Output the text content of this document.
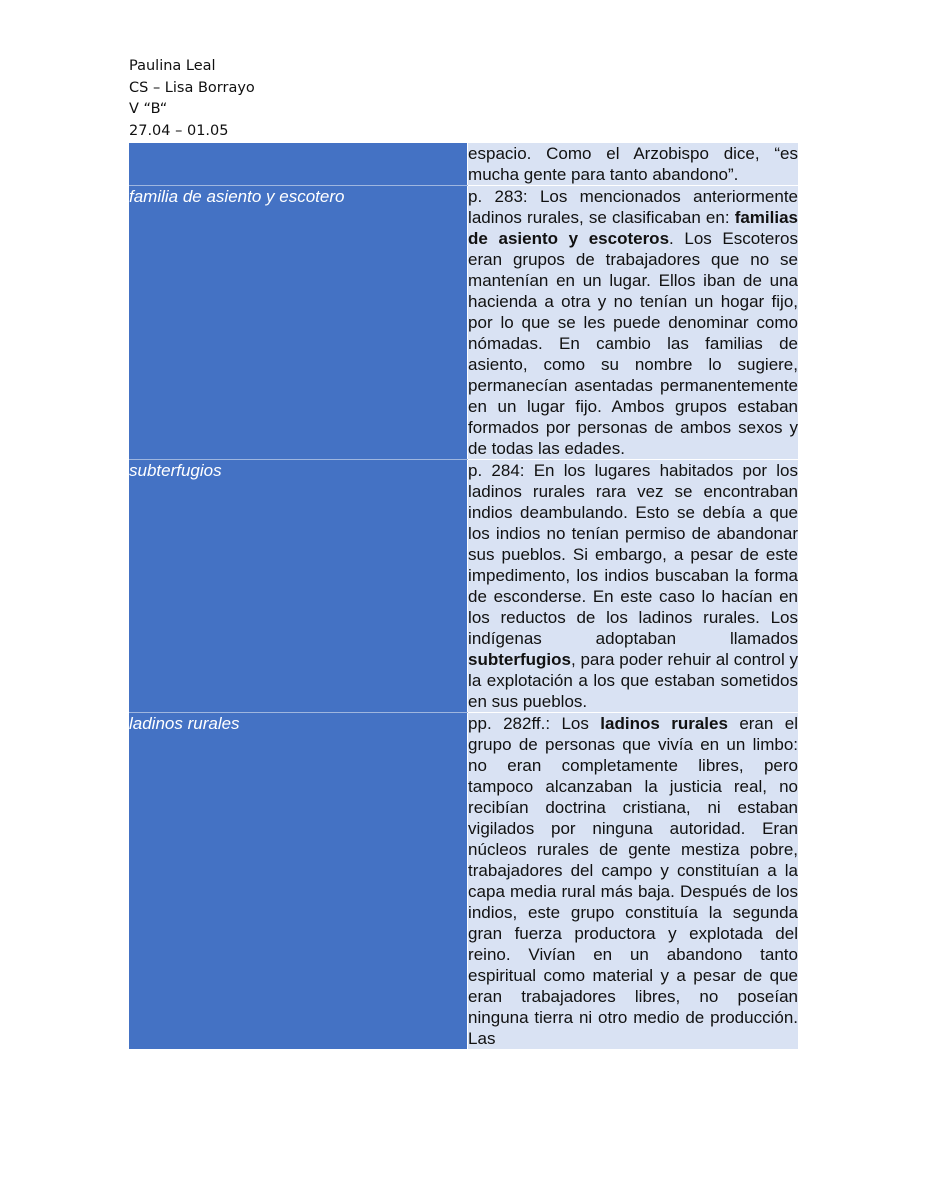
Paulina Leal
CS – Lisa Borrayo
V “B“
27.04 – 01.05
	espacio. Como el Arzobispo dice, “es mucha gente para tanto abandono”.
familia de asiento y escotero	p. 283: Los mencionados anteriormente ladinos rurales, se clasificaban en: familias de asiento y escoteros. Los Escoteros eran grupos de trabajadores que no se mantenían en un lugar. Ellos iban de una hacienda a otra y no tenían un hogar fijo, por lo que se les puede denominar como nómadas. En cambio las familias de asiento, como su nombre lo sugiere, permanecían asentadas permanentemente en un lugar fijo. Ambos grupos estaban formados por personas de ambos sexos y de todas las edades.
subterfugios	p. 284: En los lugares habitados por los ladinos rurales rara vez se encontraban indios deambulando. Esto se debía a que los indios no tenían permiso de abandonar sus pueblos. Si embargo, a pesar de este impedimento, los indios buscaban la forma de esconderse. En este caso lo hacían en los reductos de los ladinos rurales. Los indígenas adoptaban llamados subterfugios, para poder rehuir al control y la explotación a los que estaban sometidos en sus pueblos.
ladinos rurales	pp. 282ff.: Los ladinos rurales eran el grupo de personas que vivía en un limbo: no eran completamente libres, pero tampoco alcanzaban la justicia real, no recibían doctrina cristiana, ni estaban vigilados por ninguna autoridad. Eran núcleos rurales de gente mestiza pobre, trabajadores del campo y constituían a la capa media rural más baja. Después de los indios, este grupo constituía la segunda gran fuerza productora y explotada del reino. Vivían en un abandono tanto espiritual como material y a pesar de que eran trabajadores libres, no poseían ninguna tierra ni otro medio de producción. Las
